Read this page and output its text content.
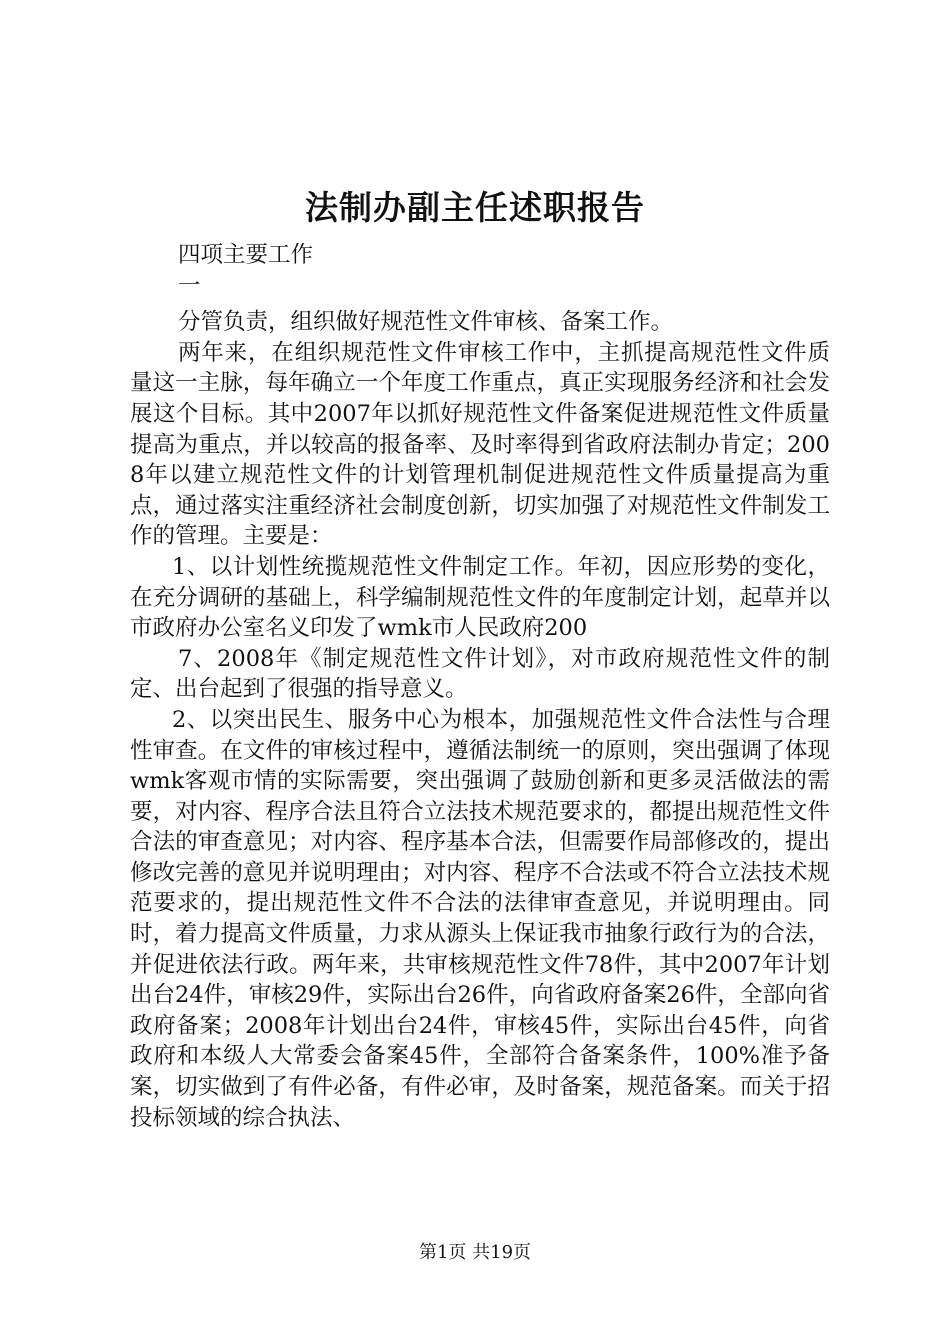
法制办副主任述职报告

四项主要工作

一

分管负责，组织做好规范性文件审核、备案工作。

两年来，在组织规范性文件审核工作中，主抓提高规范性文件质量这一主脉，每年确立一个年度工作重点，真正实现服务经济和社会发展这个目标。其中2007年以抓好规范性文件备案促进规范性文件质量提高为重点，并以较高的报备率、及时率得到省政府法制办肯定；2008年以建立规范性文件的计划管理机制促进规范性文件质量提高为重点，通过落实注重经济社会制度创新，切实加强了对规范性文件制发工作的管理。主要是：

1、以计划性统揽规范性文件制定工作。年初，因应形势的变化，在充分调研的基础上，科学编制规范性文件的年度制定计划，起草并以市政府办公室名义印发了wmk市人民政府200

7、2008年《制定规范性文件计划》，对市政府规范性文件的制定、出台起到了很强的指导意义。

2、以突出民生、服务中心为根本，加强规范性文件合法性与合理性审查。在文件的审核过程中，遵循法制统一的原则，突出强调了体现wmk客观市情的实际需要，突出强调了鼓励创新和更多灵活做法的需要，对内容、程序合法且符合立法技术规范要求的，都提出规范性文件合法的审查意见；对内容、程序基本合法，但需要作局部修改的，提出修改完善的意见并说明理由；对内容、程序不合法或不符合立法技术规范要求的，提出规范性文件不合法的法律审查意见，并说明理由。同时，着力提高文件质量，力求从源头上保证我市抽象行政行为的合法，并促进依法行政。两年来，共审核规范性文件78件，其中2007年计划出台24件，审核29件，实际出台26件，向省政府备案26件，全部向省政府备案；2008年计划出台24件，审核45件，实际出台45件，向省政府和本级人大常委会备案45件，全部符合备案条件，100%准予备案，切实做到了有件必备，有件必审，及时备案，规范备案。而关于招投标领域的综合执法、

第1页 共19页
